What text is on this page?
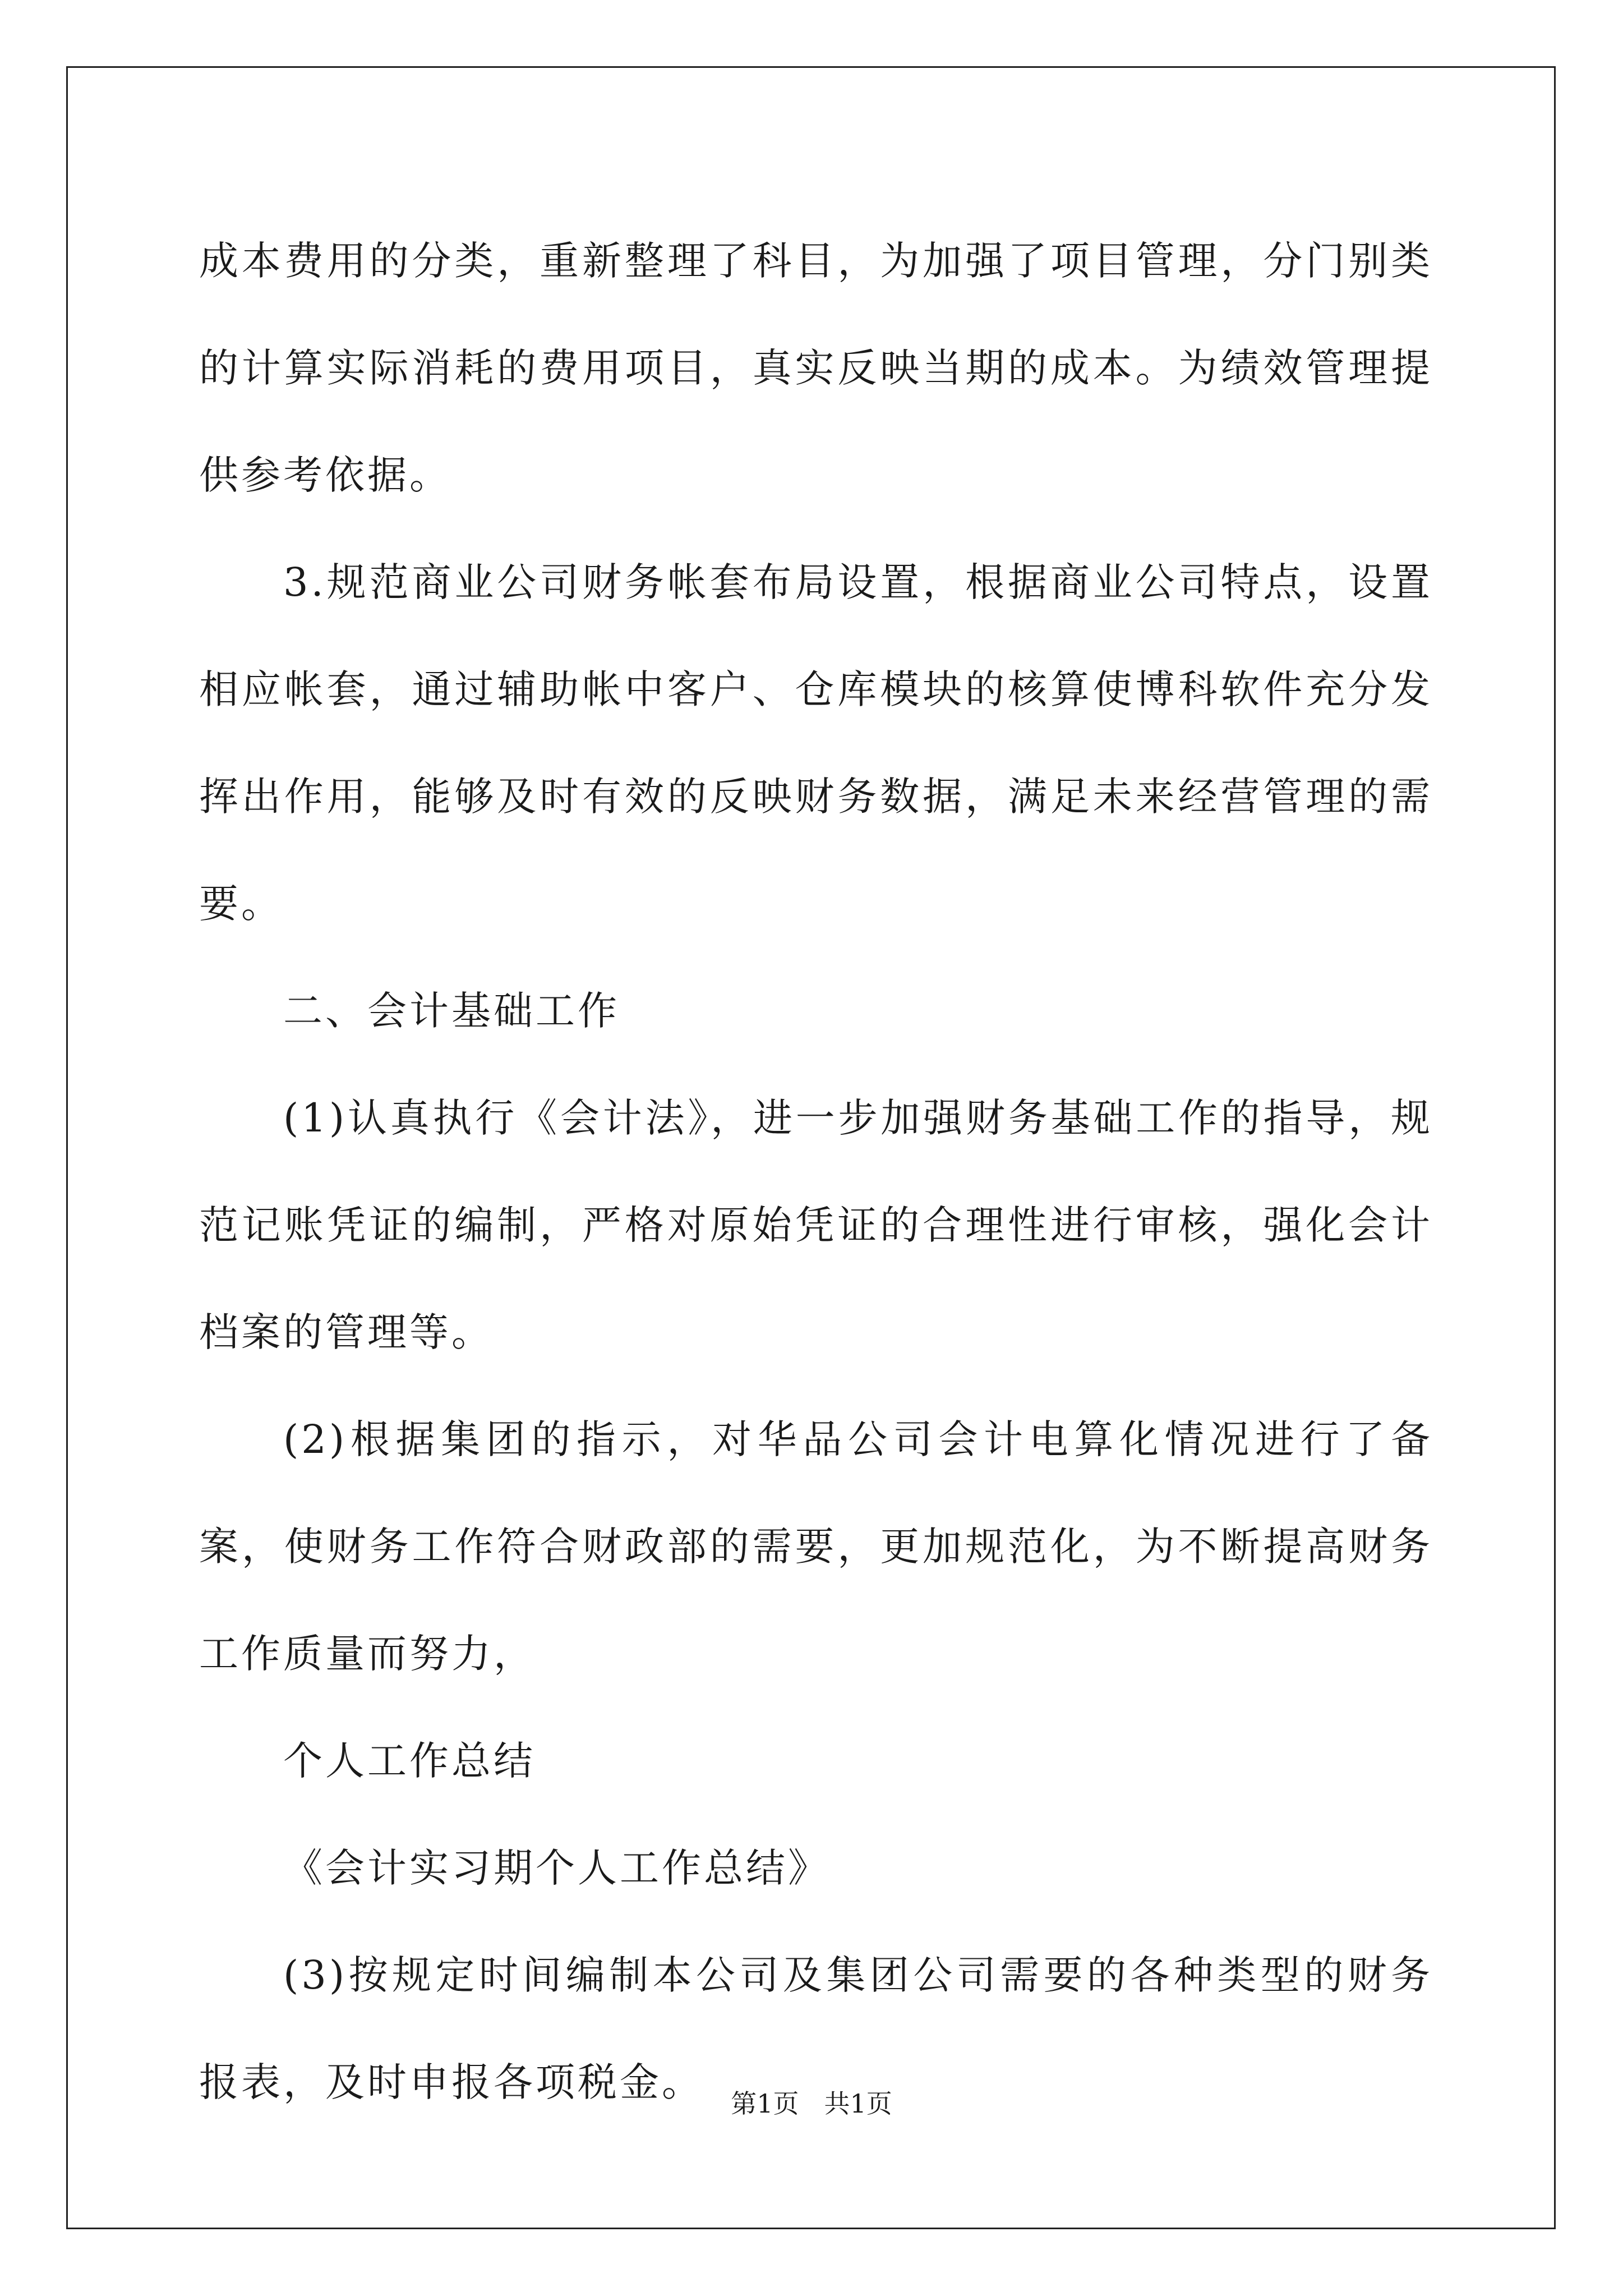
成本费用的分类，重新整理了科目，为加强了项目管理，分门别类的计算实际消耗的费用项目，真实反映当期的成本。为绩效管理提供参考依据。

3.规范商业公司财务帐套布局设置，根据商业公司特点，设置相应帐套，通过辅助帐中客户、仓库模块的核算使博科软件充分发挥出作用，能够及时有效的反映财务数据，满足未来经营管理的需要。

二、会计基础工作

(1)认真执行《会计法》，进一步加强财务基础工作的指导，规范记账凭证的编制，严格对原始凭证的合理性进行审核，强化会计档案的管理等。

(2)根据集团的指示，对华品公司会计电算化情况进行了备案，使财务工作符合财政部的需要，更加规范化，为不断提高财务工作质量而努力，

个人工作总结

《会计实习期个人工作总结》

(3)按规定时间编制本公司及集团公司需要的各种类型的财务报表，及时申报各项税金。	第1页 共1页
